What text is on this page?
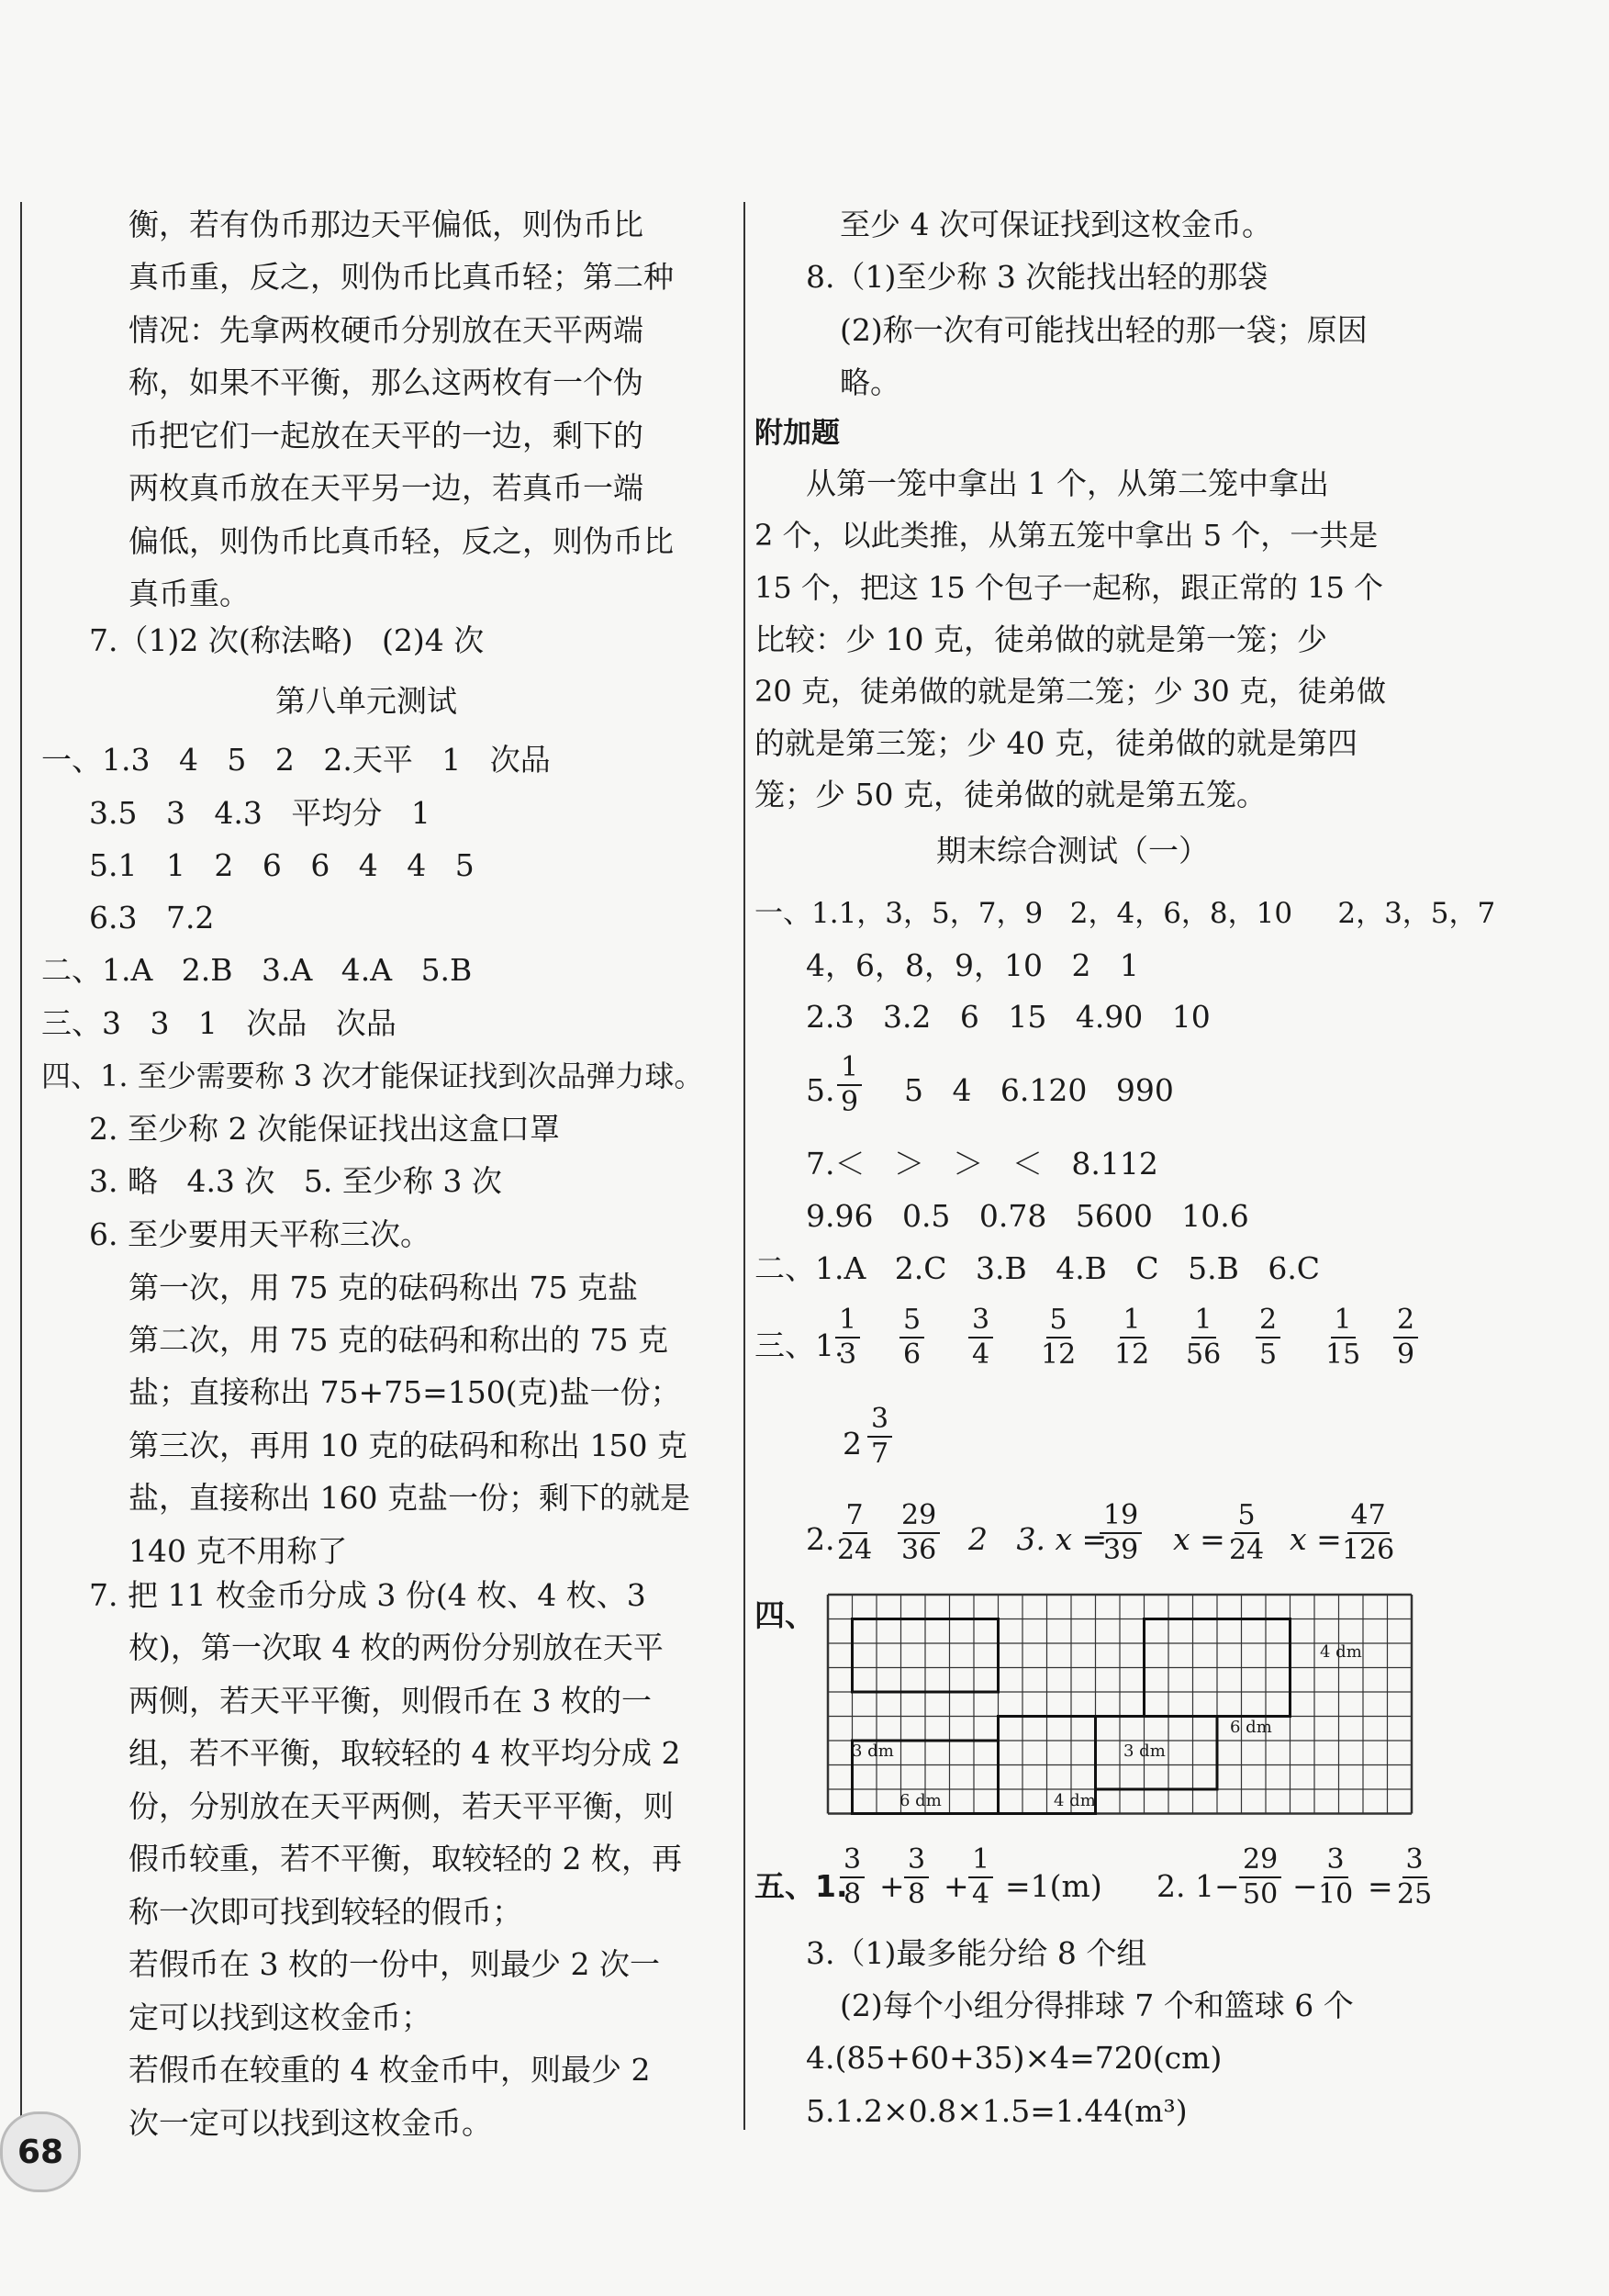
衡，若有伪币那边天平偏低，则伪币比
真币重，反之，则伪币比真币轻；第二种
情况：先拿两枚硬币分别放在天平两端
称，如果不平衡，那么这两枚有一个伪
币把它们一起放在天平的一边，剩下的
两枚真币放在天平另一边，若真币一端
偏低，则伪币比真币轻，反之，则伪币比
真币重。
7.（1)2 次(称法略)   (2)4 次
第八单元测试
一、1.3   4   5   2   2.天平   1   次品
3.5   3   4.3   平均分   1
5.1   1   2   6   6   4   4   5
6.3   7.2
二、1.A   2.B   3.A   4.A   5.B
三、3   3   1   次品   次品
四、1. 至少需要称 3 次才能保证找到次品弹力球。
2. 至少称 2 次能保证找出这盒口罩
3. 略   4.3 次   5. 至少称 3 次
6. 至少要用天平称三次。
第一次，用 75 克的砝码称出 75 克盐
第二次，用 75 克的砝码和称出的 75 克
盐；直接称出 75+75=150(克)盐一份；
第三次，再用 10 克的砝码和称出 150 克
盐，直接称出 160 克盐一份；剩下的就是
140 克不用称了
7. 把 11 枚金币分成 3 份(4 枚、4 枚、3
枚)，第一次取 4 枚的两份分别放在天平
两侧，若天平平衡，则假币在 3 枚的一
组，若不平衡，取较轻的 4 枚平均分成 2
份，分别放在天平两侧，若天平平衡，则
假币较重，若不平衡，取较轻的 2 枚，再
称一次即可找到较轻的假币；
若假币在 3 枚的一份中，则最少 2 次一
定可以找到这枚金币；
若假币在较重的 4 枚金币中，则最少 2
次一定可以找到这枚金币。
至少 4 次可保证找到这枚金币。
8.（1)至少称 3 次能找出轻的那袋
(2)称一次有可能找出轻的那一袋；原因
略。
附加题
从第一笼中拿出 1 个，从第二笼中拿出
2 个，以此类推，从第五笼中拿出 5 个，一共是
15 个，把这 15 个包子一起称，跟正常的 15 个
比较：少 10 克，徒弟做的就是第一笼；少
20 克，徒弟做的就是第二笼；少 30 克，徒弟做
的就是第三笼；少 40 克，徒弟做的就是第四
笼；少 50 克，徒弟做的就是第五笼。
期末综合测试（一）
一、1.1，3，5，7，9   2，4，6，8，10     2，3，5，7
4，6，8，9，10   2   1
2.3   3.2   6   15   4.90   10
5. $\frac{1}{9} 5$   4   6.120   990
7.＜   ＞   ＞   ＜   8.112
9.96   0.5   0.78   5600   10.6
二、1.A   2.C   3.B   4.B   C   5.B   6.C
三、1.
$\frac{1}{3} \frac{5}{6} \frac{3}{4} \frac{5}{12} \frac{1}{12} \frac{1}{56} \frac{2}{5} \frac{1}{15} \frac{2}{9}$
$2 \frac{3}{7}$
2.
$\frac{7}{24} \frac{29}{36} 2$   3. x =
$\frac{19}{39}$ $x = \frac{5}{24}$ x =
$\frac{47}{126}$
四、
4 dm
6 dm
3 dm	3 dm
6 dm	4 dm
五、1.
$\frac{3}{8} + \frac{3}{8} + \frac{1}{4} =1(m)$ 2. $1- \frac{29}{50}$ −
$\frac{3}{10} = \frac{3}{25}$
3.（1)最多能分给 8 个组
(2)每个小组分得排球 7 个和篮球 6 个
4.(85+60+35)×4=720(cm)
5.1.2×0.8×1.5=1.44(m³)
68
